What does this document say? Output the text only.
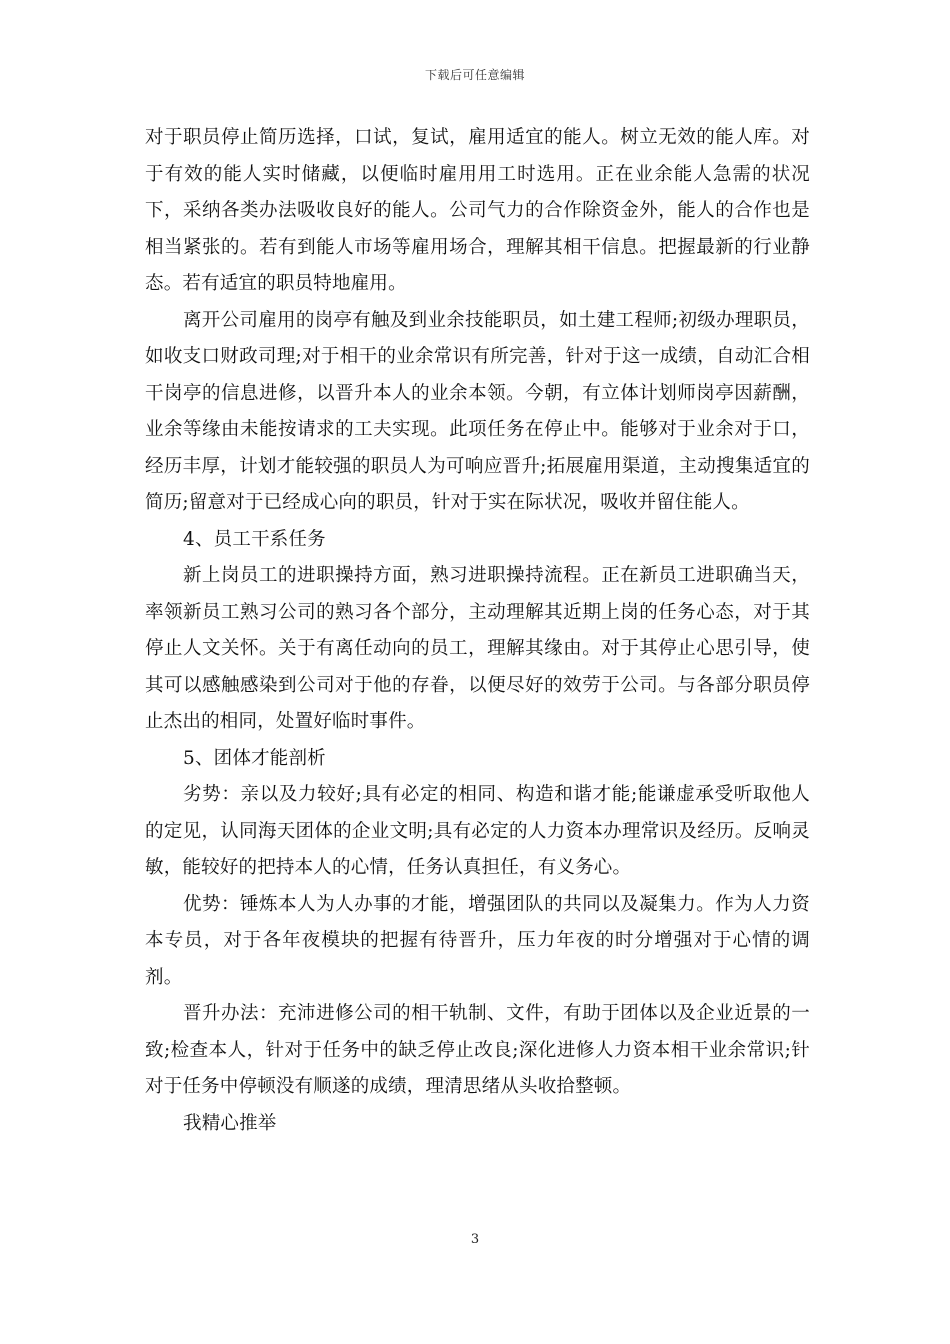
下载后可任意编辑

对于职员停止简历选择，口试，复试，雇用适宜的能人。树立无效的能人库。对于有效的能人实时储藏，以便临时雇用用工时选用。正在业余能人急需的状况下，采纳各类办法吸收良好的能人。公司气力的合作除资金外，能人的合作也是相当紧张的。若有到能人市场等雇用场合，理解其相干信息。把握最新的行业静态。若有适宜的职员特地雇用。

离开公司雇用的岗亭有触及到业余技能职员，如土建工程师;初级办理职员，如收支口财政司理;对于相干的业余常识有所完善，针对于这一成绩，自动汇合相干岗亭的信息进修，以晋升本人的业余本领。今朝，有立体计划师岗亭因薪酬，业余等缘由未能按请求的工夫实现。此项任务在停止中。能够对于业余对于口，经历丰厚，计划才能较强的职员人为可响应晋升;拓展雇用渠道，主动搜集适宜的简历;留意对于已经成心向的职员，针对于实在际状况，吸收并留住能人。

4、员工干系任务

新上岗员工的进职操持方面，熟习进职操持流程。正在新员工进职确当天，率领新员工熟习公司的熟习各个部分，主动理解其近期上岗的任务心态，对于其停止人文关怀。关于有离任动向的员工，理解其缘由。对于其停止心思引导，使其可以感触感染到公司对于他的存眷，以便尽好的效劳于公司。与各部分职员停止杰出的相同，处置好临时事件。

5、团体才能剖析

劣势：亲以及力较好;具有必定的相同、构造和谐才能;能谦虚承受听取他人的定见，认同海天团体的企业文明;具有必定的人力资本办理常识及经历。反响灵敏，能较好的把持本人的心情，任务认真担任，有义务心。

优势：锤炼本人为人办事的才能，增强团队的共同以及凝集力。作为人力资本专员，对于各年夜模块的把握有待晋升，压力年夜的时分增强对于心情的调剂。

晋升办法：充沛进修公司的相干轨制、文件，有助于团体以及企业近景的一致;检查本人，针对于任务中的缺乏停止改良;深化进修人力资本相干业余常识;针对于任务中停顿没有顺遂的成绩，理清思绪从头收拾整顿。

我精心推举

3
